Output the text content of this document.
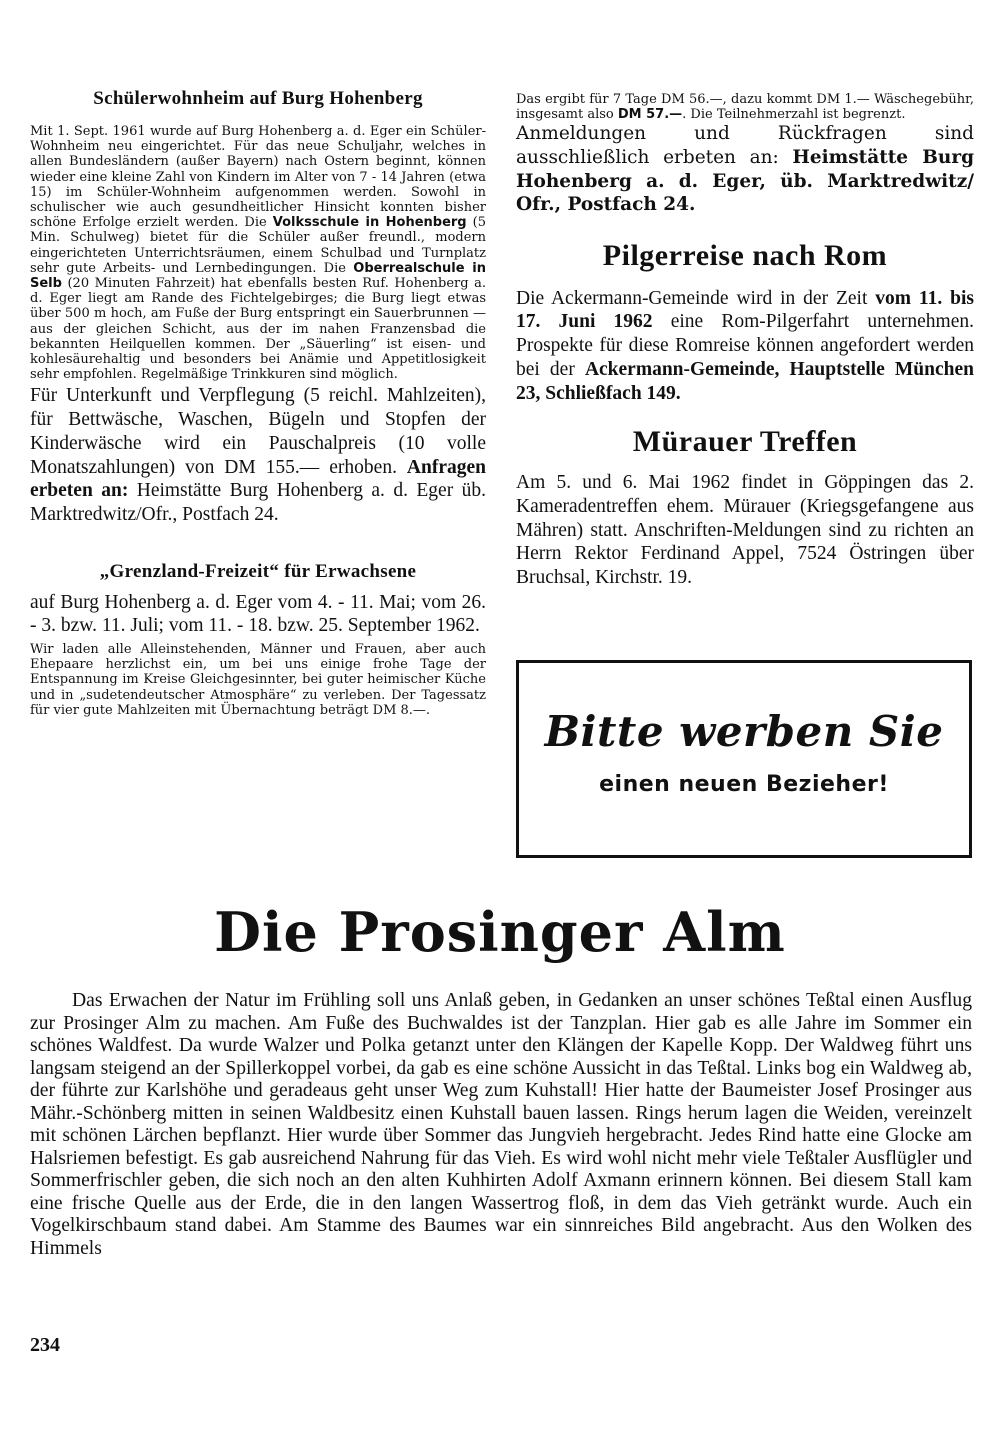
Schülerwohnheim auf Burg Hohenberg

Mit 1. Sept. 1961 wurde auf Burg Hohenberg a. d. Eger ein Schüler-Wohnheim neu eingerichtet. Für das neue Schuljahr, welches in allen Bundesländern (außer Bayern) nach Ostern beginnt, können wieder eine kleine Zahl von Kindern im Alter von 7 - 14 Jahren (etwa 15) im Schüler-Wohnheim aufgenommen werden. Sowohl in schulischer wie auch gesundheitlicher Hinsicht konnten bisher schöne Erfolge erzielt werden. Die Volksschule in Hohenberg (5 Min. Schulweg) bietet für die Schüler außer freundl., modern eingerichteten Unterrichtsräumen, einem Schulbad und Turnplatz sehr gute Arbeits- und Lernbedingungen. Die Oberrealschule in Selb (20 Minuten Fahrzeit) hat ebenfalls besten Ruf. Hohenberg a. d. Eger liegt am Rande des Fichtelgebirges; die Burg liegt etwas über 500 m hoch, am Fuße der Burg entspringt ein Sauerbrunnen — aus der gleichen Schicht, aus der im nahen Franzensbad die bekannten Heilquellen kommen. Der „Säuerling“ ist eisen- und kohlesäurehaltig und besonders bei Anämie und Appetitlosigkeit sehr empfohlen. Regelmäßige Trinkkuren sind möglich.

Für Unterkunft und Verpflegung (5 reichl. Mahlzeiten), für Bettwäsche, Waschen, Bügeln und Stopfen der Kinderwäsche wird ein Pauschalpreis (10 volle Monatszahlungen) von DM 155.— erhoben. Anfragen erbeten an: Heimstätte Burg Hohenberg a. d. Eger üb. Marktredwitz/Ofr., Postfach 24.

„Grenzland-Freizeit“ für Erwachsene

auf Burg Hohenberg a. d. Eger vom 4. - 11. Mai; vom 26. - 3. bzw. 11. Juli; vom 11. - 18. bzw. 25. September 1962.

Wir laden alle Alleinstehenden, Männer und Frauen, aber auch Ehepaare herzlichst ein, um bei uns einige frohe Tage der Entspannung im Kreise Gleichgesinnter, bei guter heimischer Küche und in „sudetendeutscher Atmosphäre“ zu verleben. Der Tagessatz für vier gute Mahlzeiten mit Übernachtung beträgt DM 8.—.

Das ergibt für 7 Tage DM 56.—, dazu kommt DM 1.— Wäschegebühr, insgesamt also DM 57.—. Die Teilnehmerzahl ist begrenzt.

Anmeldungen und Rückfragen sind ausschließlich erbeten an: Heimstätte Burg Hohenberg a. d. Eger, üb. Marktredwitz/ Ofr., Postfach 24.

Pilgerreise nach Rom

Die Ackermann-Gemeinde wird in der Zeit vom 11. bis 17. Juni 1962 eine Rom-Pilgerfahrt unternehmen. Prospekte für diese Romreise können angefordert werden bei der Ackermann-Gemeinde, Hauptstelle München 23, Schließfach 149.

Mürauer Treffen

Am 5. und 6. Mai 1962 findet in Göppingen das 2. Kameradentreffen ehem. Mürauer (Kriegsgefangene aus Mähren) statt. Anschriften-Meldungen sind zu richten an Herrn Rektor Ferdinand Appel, 7524 Östringen über Bruchsal, Kirchstr. 19.

Bitte werben Sie
einen neuen Bezieher!
Die Prosinger Alm

Das Erwachen der Natur im Frühling soll uns Anlaß geben, in Gedanken an unser schönes Teßtal einen Ausflug zur Prosinger Alm zu machen. Am Fuße des Buchwaldes ist der Tanzplan. Hier gab es alle Jahre im Sommer ein schönes Waldfest. Da wurde Walzer und Polka getanzt unter den Klängen der Kapelle Kopp. Der Waldweg führt uns langsam steigend an der Spillerkoppel vorbei, da gab es eine schöne Aussicht in das Teßtal. Links bog ein Waldweg ab, der führte zur Karlshöhe und geradeaus geht unser Weg zum Kuhstall! Hier hatte der Baumeister Josef Prosinger aus Mähr.-Schönberg mitten in seinen Waldbesitz einen Kuhstall bauen lassen. Rings herum lagen die Weiden, vereinzelt mit schönen Lärchen bepflanzt. Hier wurde über Sommer das Jungvieh hergebracht. Jedes Rind hatte eine Glocke am Halsriemen befestigt. Es gab ausreichend Nahrung für das Vieh. Es wird wohl nicht mehr viele Teßtaler Ausflügler und Sommerfrischler geben, die sich noch an den alten Kuhhirten Adolf Axmann erinnern können. Bei diesem Stall kam eine frische Quelle aus der Erde, die in den langen Wassertrog floß, in dem das Vieh getränkt wurde. Auch ein Vogelkirschbaum stand dabei. Am Stamme des Baumes war ein sinnreiches Bild angebracht. Aus den Wolken des Himmels

234
